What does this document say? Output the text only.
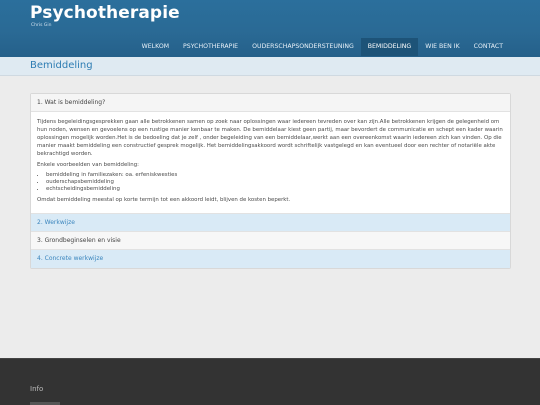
Psychotherapie
Chris Gin
WELKOM	PSYCHOTHERAPIE	OUDERSCHAPSONDERSTEUNING	BEMIDDELING	WIE BEN IK	CONTACT
Bemiddeling
1. Wat is bemiddeling?

Tijdens begeleidingsgesprekken gaan alle betrokkenen samen op zoek naar oplossingen waar iedereen tevreden over kan zijn.Alle betrokkenen krijgen de gelegenheid om hun noden, wensen en gevoelens op een rustige manier kenbaar te maken. De bemiddelaar kiest geen partij, maar bevordert de communicatie en schept een kader waarin oplossingen mogelijk worden.Het is de bedoeling dat je zelf , onder begeleiding van een bemiddelaar,werkt aan een overeenkomst waarin iedereen zich kan vinden. Op die manier maakt bemiddeling een constructief gesprek mogelijk. Het bemiddelingsakkoord wordt schriftelijk vastgelegd en kan eventueel door een rechter of notariële akte bekrachtigd worden.

Enkele voorbeelden van bemiddeling:

• bemiddeling in familiezaken: oa. erfeniskwesties
• ouderschapsbemiddeling
• echtscheidingsbemiddeling

Omdat bemiddeling meestal op korte termijn tot een akkoord leidt, blijven de kosten beperkt.

2. Werkwijze
3. Grondbeginselen en visie
4. Concrete werkwijze
Info
